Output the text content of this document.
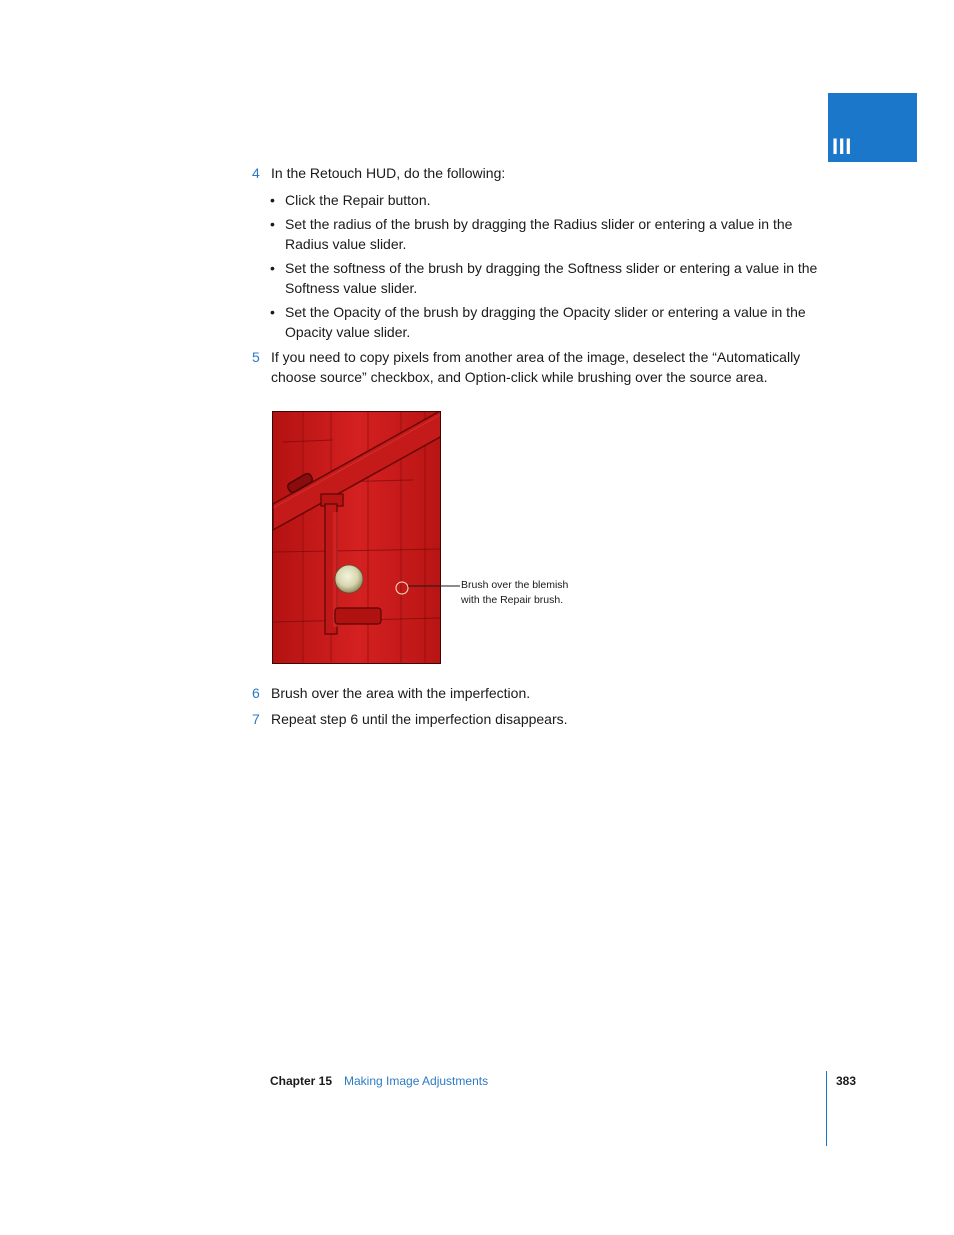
III
4 In the Retouch HUD, do the following:
• Click the Repair button.
• Set the radius of the brush by dragging the Radius slider or entering a value in the Radius value slider.
• Set the softness of the brush by dragging the Softness slider or entering a value in the Softness value slider.
• Set the Opacity of the brush by dragging the Opacity slider or entering a value in the Opacity value slider.
5 If you need to copy pixels from another area of the image, deselect the “Automatically choose source” checkbox, and Option-click while brushing over the source area.
Brush over the blemish
with the Repair brush.
6 Brush over the area with the imperfection.
7 Repeat step 6 until the imperfection disappears.
Chapter 15 Making Image Adjustments	383
